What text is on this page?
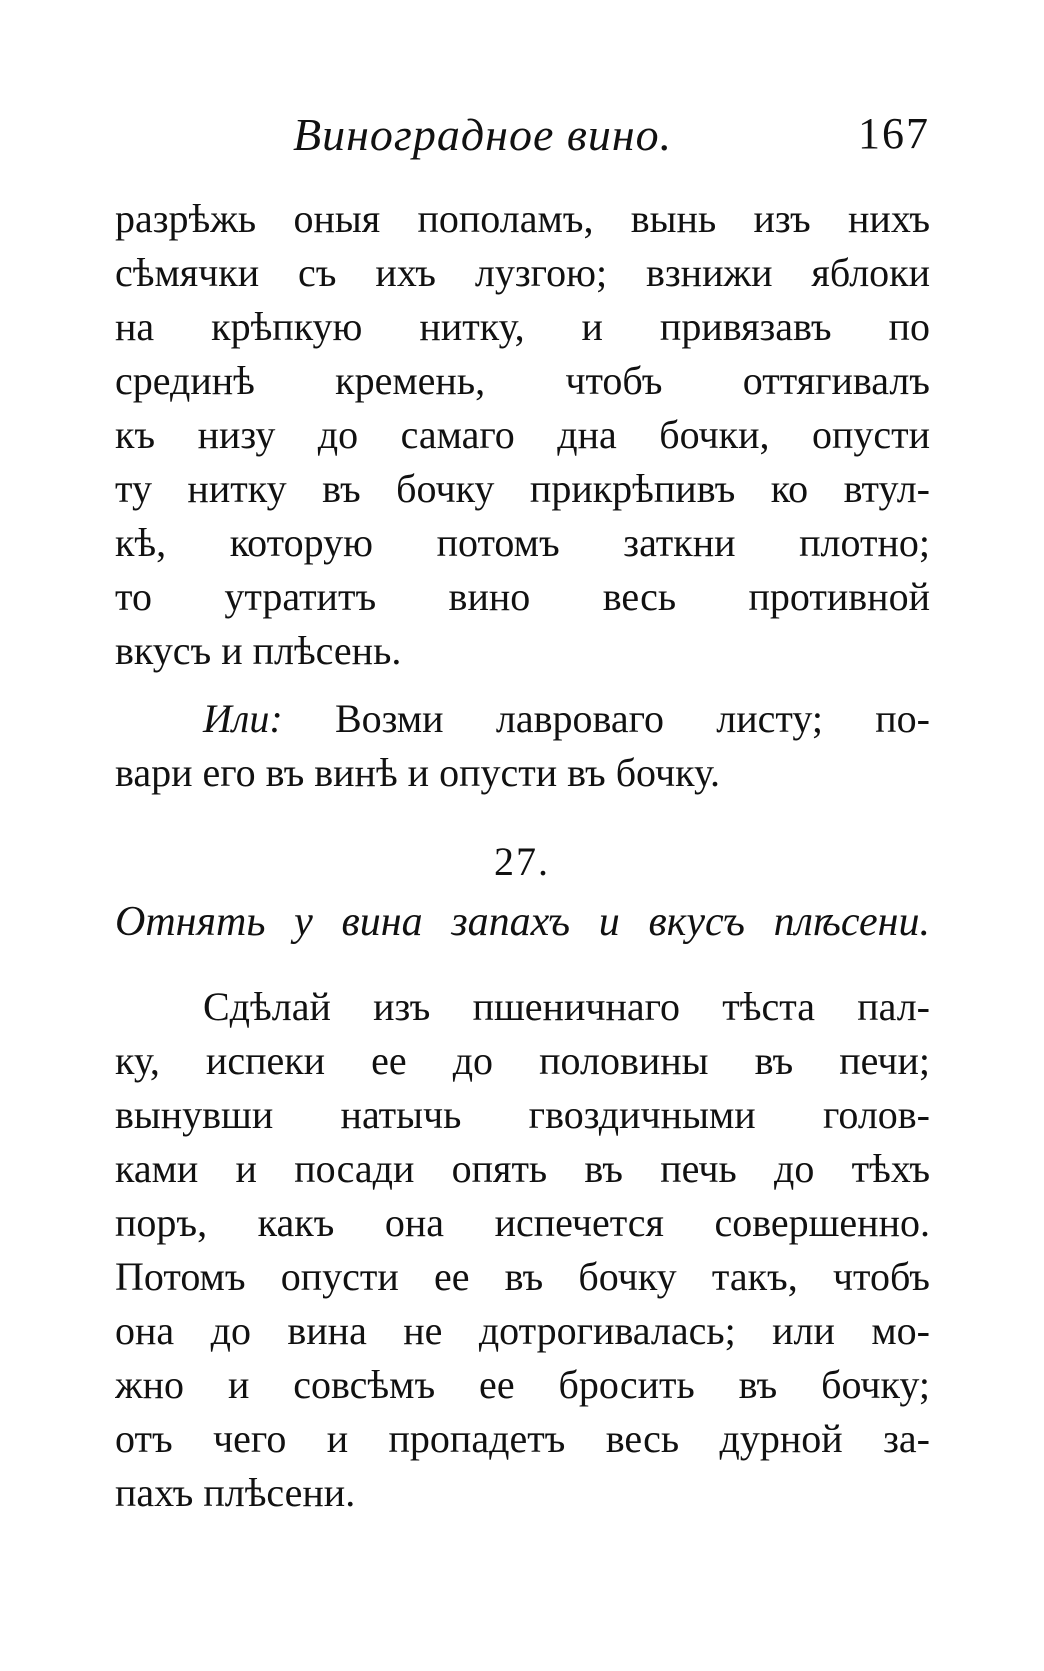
Виноградное вино.	167
разрѣжь оныя пополамъ, вынь изъ нихъ
сѣмячки съ ихъ лузгою; взнижи яблоки
на крѣпкую нитку, и привязавъ по
срединѣ кремень, чтобъ оттягивалъ
къ низу до самаго дна бочки, опусти
ту нитку въ бочку прикрѣпивъ ко втул-
кѣ, которую потомъ заткни плотно;
то утратитъ вино весь противной
вкусъ и плѣсень.
Или: Возми лавроваго листу; по-
вари его въ винѣ и опусти въ бочку.
27.
Отнять у вина запахъ и вкусъ плѣсени.
Сдѣлай изъ пшеничнаго тѣста пал-
ку, испеки ее до половины въ печи;
вынувши натычь гвоздичными голов-
ками и посади опять въ печь до тѣхъ
поръ, какъ она испечется совершенно.
Потомъ опусти ее въ бочку такъ, чтобъ
она до вина не дотрогивалась; или мо-
жно и совсѣмъ ее бросить въ бочку;
отъ чего и пропадетъ весь дурной за-
пахъ плѣсени.
